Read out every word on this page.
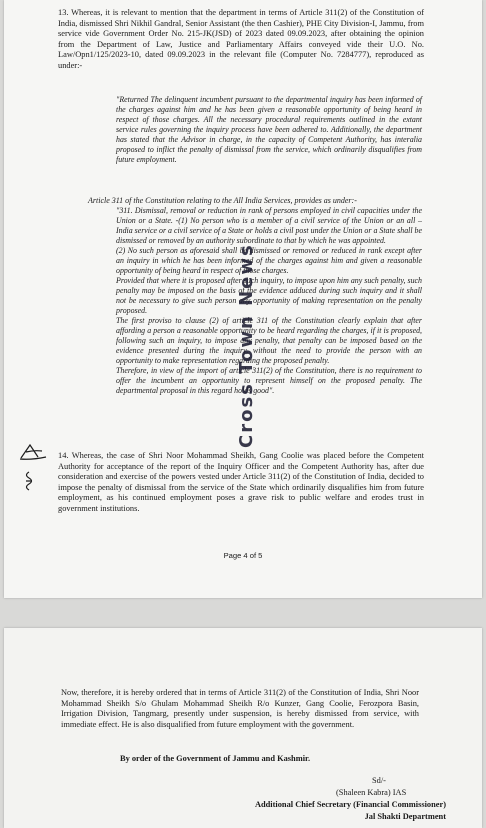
13. Whereas, it is relevant to mention that the department in terms of Article 311(2) of the Constitution of India, dismissed Shri Nikhil Gandral, Senior Assistant (the then Cashier), PHE City Division-I, Jammu, from service vide Government Order No. 215-JK(JSD) of 2023 dated 09.09.2023, after obtaining the opinion from the Department of Law, Justice and Parliamentary Affairs conveyed vide their U.O. No. Law/Opn1/125/2023-10, dated 09.09.2023 in the relevant file (Computer No. 7284777), reproduced as under:-
"Returned The delinquent incumbent pursuant to the departmental inquiry has been informed of the charges against him and he has been given a reasonable opportunity of being heard in respect of those charges. All the necessary procedural requirements outlined in the extant service rules governing the inquiry process have been adhered to. Additionally, the department has stated that the Advisor in charge, in the capacity of Competent Authority, has interalia proposed to inflict the penalty of dismissal from the service, which ordinarily disqualifies from future employment.
Article 311 of the Constitution relating to the All India Services, provides as under:-
"311. Dismissal, removal or reduction in rank of persons employed in civil capacities under the Union or a State. -(1) No person who is a member of a civil service of the Union or an all – India service or a civil service of a State or holds a civil post under the Union or a State shall be dismissed or removed by an authority subordinate to that by which he was appointed.
(2) No such person as aforesaid shall be dismissed or removed or reduced in rank except after an inquiry in which he has been informed of the charges against him and given a reasonable opportunity of being heard in respect of those charges.
Provided that where it is proposed after such inquiry, to impose upon him any such penalty, such penalty may be imposed on the basis of the evidence adduced during such inquiry and it shall not be necessary to give such person any opportunity of making representation on the penalty proposed.
The first proviso to clause (2) of article 311 of the Constitution clearly explain that after affording a person a reasonable opportunity to be heard regarding the charges, if it is proposed, following such an inquiry, to impose any penalty, that penalty can be imposed based on the evidence presented during the inquiry, without the need to provide the person with an opportunity to make representation regarding the proposed penalty.
Therefore, in view of the import of article 311(2) of the Constitution, there is no requirement to offer the incumbent an opportunity to represent himself on the proposed penalty. The departmental proposal in this regard holds good".
14. Whereas, the case of Shri Noor Mohammad Sheikh, Gang Coolie was placed before the Competent Authority for acceptance of the report of the Inquiry Officer and the Competent Authority has, after due consideration and exercise of the powers vested under Article 311(2) of the Constitution of India, decided to impose the penalty of dismissal from the service of the State which ordinarily disqualifies him from future employment, as his continued employment poses a grave risk to public welfare and erodes trust in government institutions.
Page 4 of 5
Cross Town News
Now, therefore, it is hereby ordered that in terms of Article 311(2) of the Constitution of India, Shri Noor Mohammad Sheikh S/o Ghulam Mohammad Sheikh R/o Kunzer, Gang Coolie, Ferozpora Basin, Irrigation Division, Tangmarg, presently under suspension, is hereby dismissed from service, with immediate effect. He is also disqualified from future employment with the government.
By order of the Government of Jammu and Kashmir.
Sd/-
(Shaleen Kabra) IAS
Additional Chief Secretary (Financial Commissioner)
Jal Shakti Department
